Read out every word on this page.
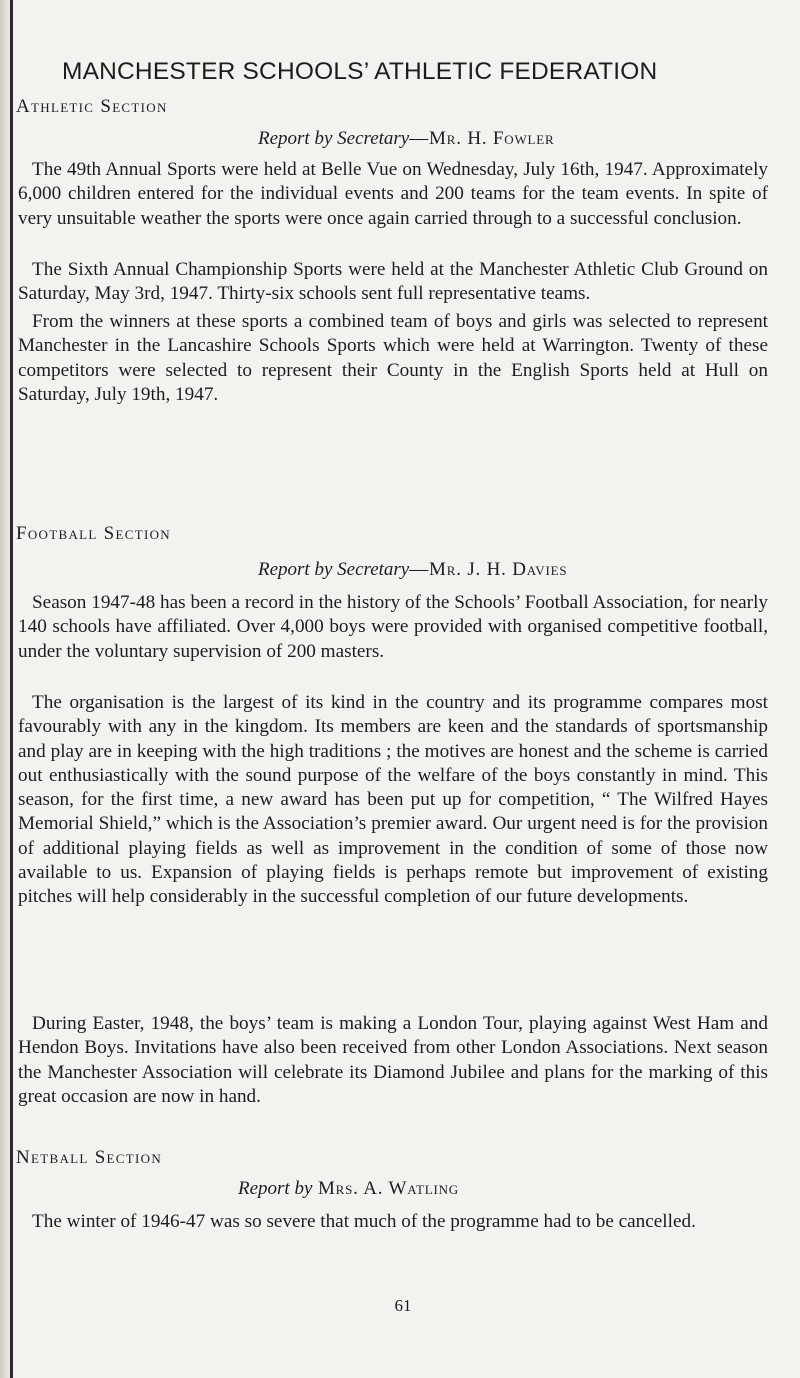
MANCHESTER SCHOOLS’ ATHLETIC FEDERATION
Athletic Section

Report by Secretary—Mr. H. Fowler

The 49th Annual Sports were held at Belle Vue on Wednesday, July 16th, 1947. Approximately 6,000 children entered for the individual events and 200 teams for the team events. In spite of very unsuitable weather the sports were once again carried through to a successful conclusion.

The Sixth Annual Championship Sports were held at the Manchester Athletic Club Ground on Saturday, May 3rd, 1947. Thirty-six schools sent full representative teams.

From the winners at these sports a combined team of boys and girls was selected to represent Manchester in the Lancashire Schools Sports which were held at Warrington. Twenty of these competitors were selected to represent their County in the English Sports held at Hull on Saturday, July 19th, 1947.

Football Section

Report by Secretary—Mr. J. H. Davies

Season 1947-48 has been a record in the history of the Schools’ Football Association, for nearly 140 schools have affiliated. Over 4,000 boys were provided with organised competitive football, under the voluntary supervision of 200 masters.

The organisation is the largest of its kind in the country and its programme compares most favourably with any in the kingdom. Its members are keen and the standards of sportsmanship and play are in keeping with the high traditions ; the motives are honest and the scheme is carried out enthusiastically with the sound purpose of the welfare of the boys constantly in mind. This season, for the first time, a new award has been put up for competition, “ The Wilfred Hayes Memorial Shield,” which is the Association’s premier award. Our urgent need is for the provision of additional playing fields as well as improvement in the condition of some of those now available to us. Expansion of playing fields is perhaps remote but improvement of existing pitches will help considerably in the successful completion of our future developments.

During Easter, 1948, the boys’ team is making a London Tour, playing against West Ham and Hendon Boys. Invitations have also been received from other London Associations. Next season the Manchester Association will celebrate its Diamond Jubilee and plans for the marking of this great occasion are now in hand.

Netball Section

Report by Mrs. A. Watling

The winter of 1946-47 was so severe that much of the programme had to be cancelled.

61
